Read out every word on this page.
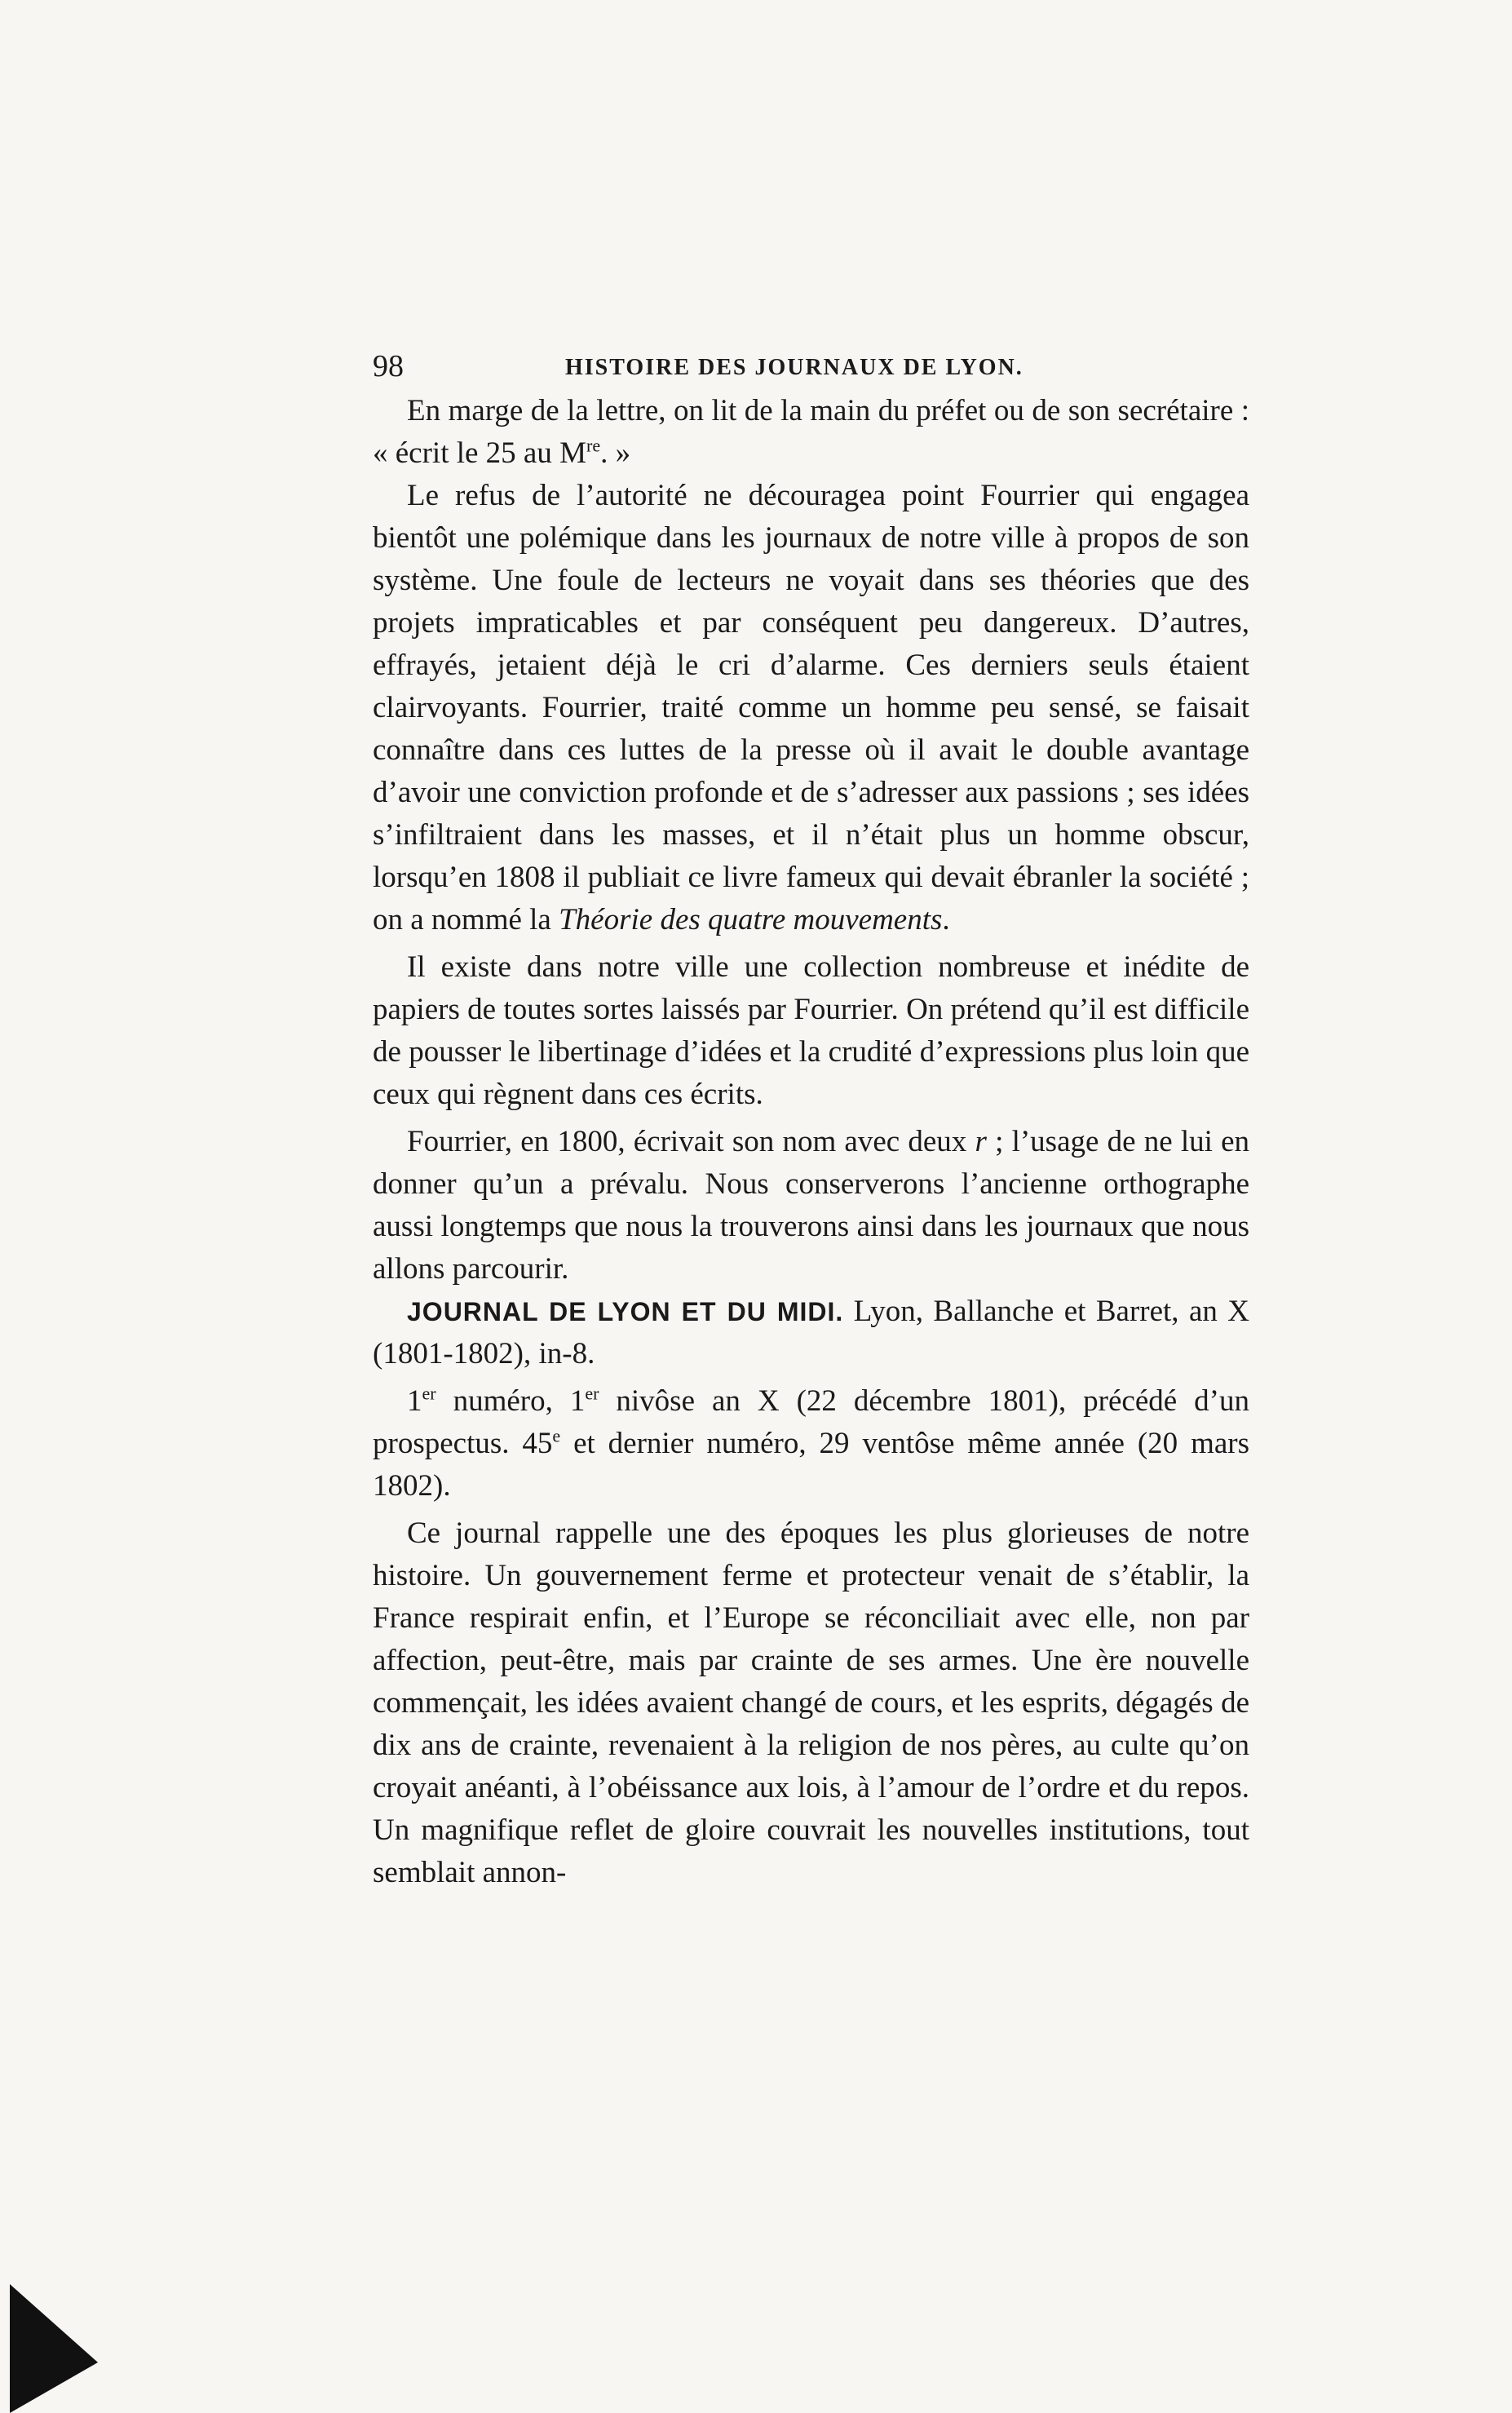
98	HISTOIRE DES JOURNAUX DE LYON.

En marge de la lettre, on lit de la main du préfet ou de son secrétaire : « écrit le 25 au Mre. »

Le refus de l’autorité ne découragea point Fourrier qui engagea bientôt une polémique dans les journaux de notre ville à propos de son système. Une foule de lecteurs ne voyait dans ses théories que des projets impraticables et par conséquent peu dangereux. D’autres, effrayés, jetaient déjà le cri d’alarme. Ces derniers seuls étaient clairvoyants. Fourrier, traité comme un homme peu sensé, se faisait connaître dans ces luttes de la presse où il avait le double avantage d’avoir une conviction profonde et de s’adresser aux passions ; ses idées s’infiltraient dans les masses, et il n’était plus un homme obscur, lorsqu’en 1808 il publiait ce livre fameux qui devait ébranler la société ; on a nommé la Théorie des quatre mouvements.

Il existe dans notre ville une collection nombreuse et inédite de papiers de toutes sortes laissés par Fourrier. On prétend qu’il est difficile de pousser le libertinage d’idées et la crudité d’expressions plus loin que ceux qui règnent dans ces écrits.

Fourrier, en 1800, écrivait son nom avec deux r ; l’usage de ne lui en donner qu’un a prévalu. Nous conserverons l’ancienne orthographe aussi longtemps que nous la trouverons ainsi dans les journaux que nous allons parcourir.

JOURNAL DE LYON ET DU MIDI. Lyon, Ballanche et Barret, an X (1801-1802), in-8.

1er numéro, 1er nivôse an X (22 décembre 1801), précédé d’un prospectus. 45e et dernier numéro, 29 ventôse même année (20 mars 1802).

Ce journal rappelle une des époques les plus glorieuses de notre histoire. Un gouvernement ferme et protecteur venait de s’établir, la France respirait enfin, et l’Europe se réconciliait avec elle, non par affection, peut-être, mais par crainte de ses armes. Une ère nouvelle commençait, les idées avaient changé de cours, et les esprits, dégagés de dix ans de crainte, revenaient à la religion de nos pères, au culte qu’on croyait anéanti, à l’obéissance aux lois, à l’amour de l’ordre et du repos. Un magnifique reflet de gloire couvrait les nouvelles institutions, tout semblait annon-
